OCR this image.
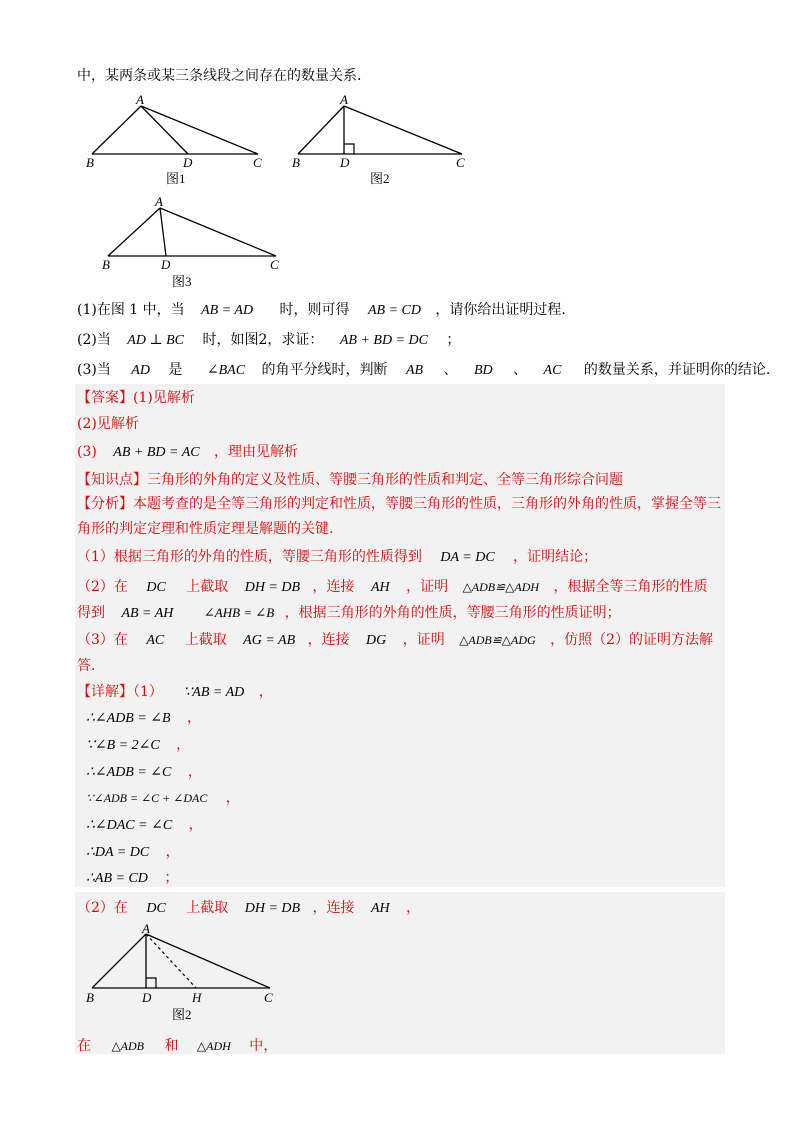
中，某两条或某三条线段之间存在的数量关系.
A
B	D	C
图1
A
B	D	C
图2
A
B	D	C
图3
(1)在图 1 中，当 AB = AD 时，则可得 AB = CD ，请你给出证明过程.
(2)当 AD ⊥ BC 时，如图2，求证： AB + BD = DC ；
(3)当 AD 是 ∠BAC 的角平分线时，判断 AB 、 BD 、 AC 的数量关系，并证明你的结论.
【答案】(1)见解析
(2)见解析
(3) AB + BD = AC ，理由见解析
【知识点】三角形的外角的定义及性质、等腰三角形的性质和判定、全等三角形综合问题
【分析】本题考查的是全等三角形的判定和性质，等腰三角形的性质，三角形的外角的性质，掌握全等三
角形的判定定理和性质定理是解题的关键.
（1）根据三角形的外角的性质，等腰三角形的性质得到 DA = DC ，证明结论；
（2）在 DC 上截取 DH = DB ，连接 AH ，证明 △ADB≌△ADH ，根据全等三角形的性质
得到 AB = AH ∠AHB = ∠B ，根据三角形的外角的性质，等腰三角形的性质证明；
（3）在 AC 上截取 AG = AB ，连接 DG ，证明 △ADB≌△ADG ，仿照（2）的证明方法解
答.
【详解】（1） ∵AB = AD ，
∴∠ADB = ∠B ，
∵∠B = 2∠C ，
∴∠ADB = ∠C ，
∵∠ADB = ∠C + ∠DAC ，
∴∠DAC = ∠C ，
∴DA = DC ，
∴AB = CD ；
（2）在 DC 上截取 DH = DB ，连接 AH ，
A
B	D	H	C
图2
在 △ADB 和 △ADH 中，
